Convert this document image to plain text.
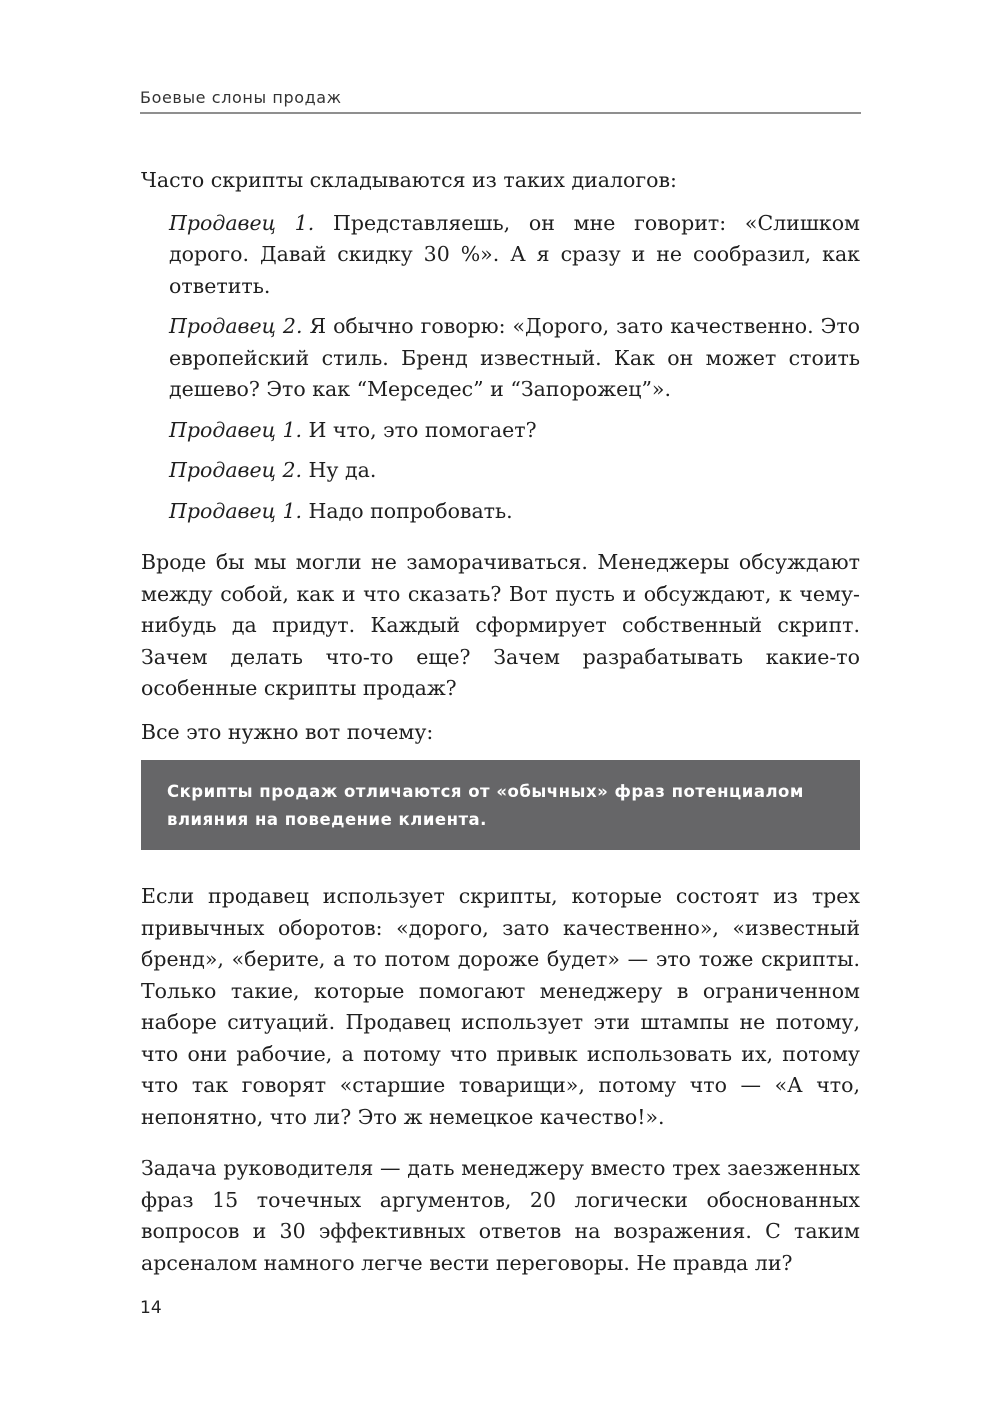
Боевые слоны продаж

Часто скрипты складываются из таких диалогов:

Продавец 1. Представляешь, он мне говорит: «Слишком дорого. Давай скидку 30 %». А я сразу и не сообразил, как ответить.

Продавец 2. Я обычно говорю: «Дорого, зато качественно. Это европейский стиль. Бренд известный. Как он может стоить дешево? Это как “Мерседес” и “Запорожец”».

Продавец 1. И что, это помогает?

Продавец 2. Ну да.

Продавец 1. Надо попробовать.

Вроде бы мы могли не заморачиваться. Менеджеры обсуждают между собой, как и что сказать? Вот пусть и обсуждают, к чему-нибудь да придут. Каждый сформирует собственный скрипт. Зачем делать что-то еще? Зачем разрабатывать какие-то особенные скрипты продаж?

Все это нужно вот почему:

Скрипты продаж отличаются от «обычных» фраз потенциалом влияния на поведение клиента.

Если продавец использует скрипты, которые состоят из трех привычных оборотов: «дорого, зато качественно», «известный бренд», «берите, а то потом дороже будет» — это тоже скрипты. Только такие, которые помогают менеджеру в ограниченном наборе ситуаций. Продавец использует эти штампы не потому, что они рабочие, а потому что привык использовать их, потому что так говорят «старшие товарищи», потому что — «А что, непонятно, что ли? Это ж немецкое качество!».

Задача руководителя — дать менеджеру вместо трех заезженных фраз 15 точечных аргументов, 20 логически обоснованных вопросов и 30 эффективных ответов на возражения. С таким арсеналом намного легче вести переговоры. Не правда ли?

14
